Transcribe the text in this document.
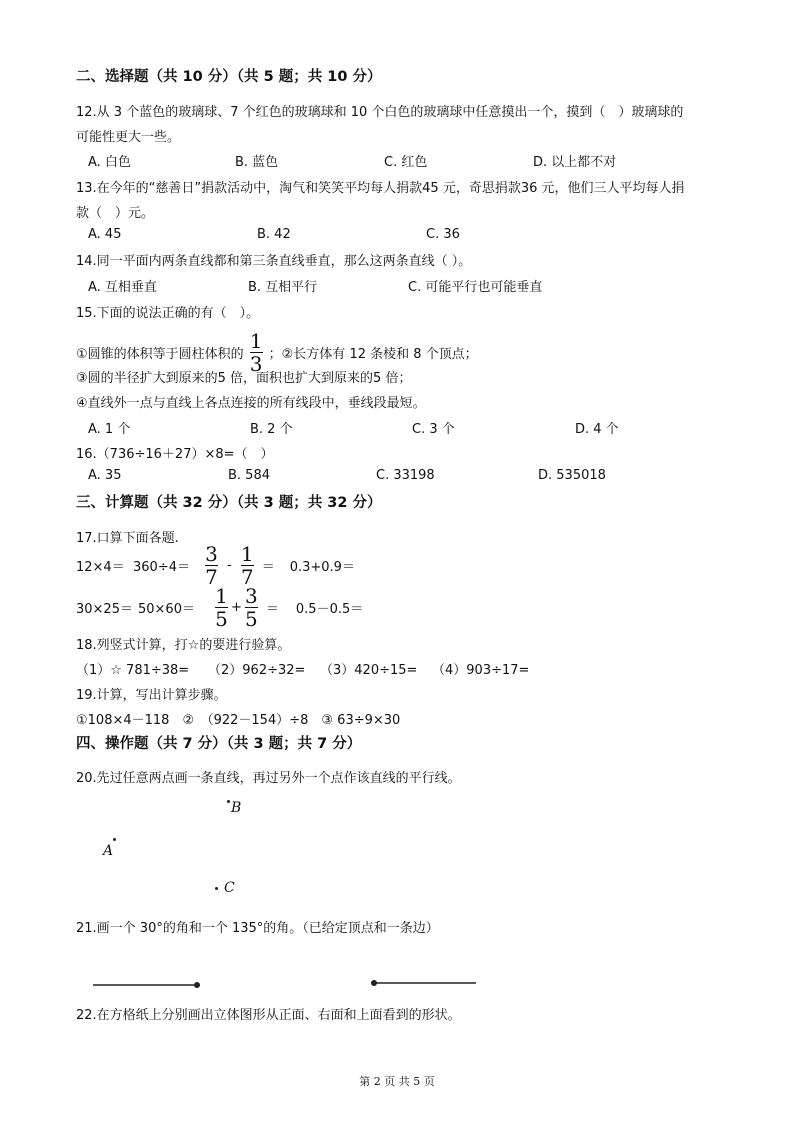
二、选择题（共 10 分）（共 5 题；共 10 分）
12.从 3 个蓝色的玻璃球、7 个红色的玻璃球和 10 个白色的玻璃球中任意摸出一个，摸到（　）玻璃球的
可能性更大一些。
A. 白色	B. 蓝色	C. 红色	D. 以上都不对
13.在今年的“慈善日”捐款活动中，淘气和笑笑平均每人捐款45 元，奇思捐款36 元，他们三人平均每人捐
款（　）元。
A. 45	B. 42	C. 36
14.同一平面内两条直线都和第三条直线垂直，那么这两条直线（ ）。
A. 互相垂直	B. 互相平行	C. 可能平行也可能垂直
15.下面的说法正确的有（　）。
①圆锥的体积等于圆柱体积的 $\frac{1}{3}$ ；②长方体有 12 条棱和 8 个顶点；
③圆的半径扩大到原来的5 倍，面积也扩大到原来的5 倍；
④直线外一点与直线上各点连接的所有线段中，垂线段最短。
A. 1 个	B. 2 个	C. 3 个	D. 4 个
16.（736÷16＋27）×8=（　）
A. 35	B. 584	C. 33198	D. 535018
三、计算题（共 32 分）（共 3 题；共 32 分）
17.口算下面各题.
$12\times 4= 360\div 4= \frac{3}{7} - \frac{1}{7}$ ＝	0.3+0.9＝
30×25＝ 50×60＝	$\frac{1}{5} + \frac{3}{5}$ ＝	0.5－0.5＝
18.列竖式计算，打☆的要进行验算。
（1）☆ 781÷38= （2）962÷32= （3）420÷15= （4）903÷17=
19.计算，写出计算步骤。
①108×4－118　②　（922－154）÷8　③ 63÷9×30
四、操作题（共 7 分）（共 3 题；共 7 分）
20.先过任意两点画一条直线，再过另外一个点作该直线的平行线。
B
A
C
21.画一个 30°的角和一个 135°的角。（已给定顶点和一条边）
22.在方格纸上分别画出立体图形从正面、右面和上面看到的形状。
第 2 页 共 5 页
